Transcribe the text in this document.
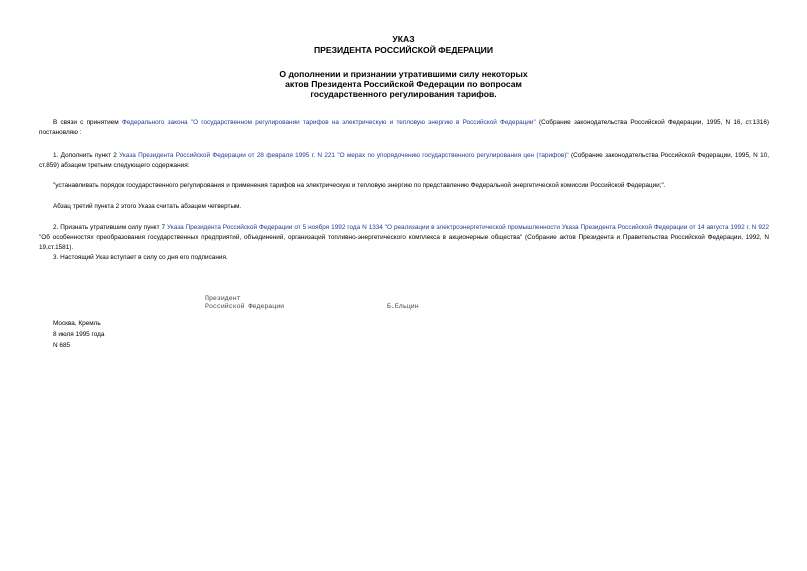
УКАЗ
ПРЕЗИДЕНТА РОССИЙСКОЙ ФЕДЕРАЦИИ
О дополнении и признании утратившими силу некоторых
актов Президента Российской Федерации по вопросам
государственного регулирования тарифов.
В связи с принятием Федерального закона "О государственном регулировании тарифов на электрическую и тепловую энергию в Российской Федерации" (Собрание законодательства Российской Федерации, 1995, N 16, ст.1316) постановляю :
1. Дополнить пункт 2 Указа Президента Российской Федерации от 28 февраля 1995 г. N 221 "О мерах по упорядочению государственного регулирования цен (тарифов)" (Собрание законодательства Российской Федерации, 1995, N 10, ст.859) абзацем третьим следующего содержания:
"устанавливать порядок государственного регулирования и применения тарифов на электрическую и тепловую энергию по представлению Федеральной энергетической комиссии Российской Федерации;".
Абзац третий пункта 2 этого Указа считать абзацем четвертым.
2. Признать утратившим силу пункт 7 Указа Президента Российской Федерации от 5 ноября 1992 года N 1334 "О реализации в электроэнергетической промышленности Указа Президента Российской Федерации от 14 августа 1992 г. N 922 "Об особенностях преобразования государственных предприятий, объединений, организаций топливно-энергетического комплекса в акционерные общества" (Собрание актов Президента и Правительства Российской Федерации, 1992, N 19,ст.1581).
3. Настоящий Указ вступает в силу со дня его подписания.
Президент
Российской Федерации	Б.Ельцин
Москва, Кремль
8 июля 1995 года
N 685
